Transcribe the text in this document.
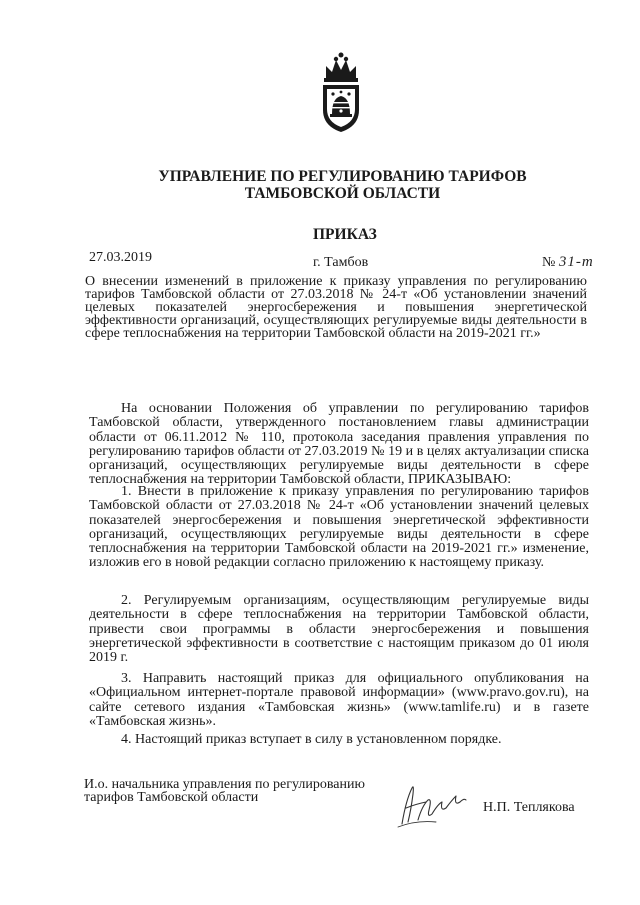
УПРАВЛЕНИЕ ПО РЕГУЛИРОВАНИЮ ТАРИФОВ
ТАМБОВСКОЙ ОБЛАСТИ
ПРИКАЗ
27.03.2019	г. Тамбов	№ 31-т
О внесении изменений в приложение к приказу управления по регулированию тарифов Тамбовской области от 27.03.2018 № 24-т «Об установлении значений целевых показателей энергосбережения и повышения энергетической эффективности организаций, осуществляющих регулируемые виды деятельности в сфере теплоснабжения на территории Тамбовской области на 2019-2021 гг.»
На основании Положения об управлении по регулированию тарифов Тамбовской области, утвержденного постановлением главы администрации области от 06.11.2012 № 110, протокола заседания правления управления по регулированию тарифов области от 27.03.2019 № 19 и в целях актуализации списка организаций, осуществляющих регулируемые виды деятельности в сфере теплоснабжения на территории Тамбовской области, ПРИКАЗЫВАЮ:
1. Внести в приложение к приказу управления по регулированию тарифов Тамбовской области от 27.03.2018 № 24-т «Об установлении значений целевых показателей энергосбережения и повышения энергетической эффективности организаций, осуществляющих регулируемые виды деятельности в сфере теплоснабжения на территории Тамбовской области на 2019-2021 гг.» изменение, изложив его в новой редакции согласно приложению к настоящему приказу.
2. Регулируемым организациям, осуществляющим регулируемые виды деятельности в сфере теплоснабжения на территории Тамбовской области, привести свои программы в области энергосбережения и повышения энергетической эффективности в соответствие с настоящим приказом до 01 июля 2019 г.
3. Направить настоящий приказ для официального опубликования на «Официальном интернет-портале правовой информации» (www.pravo.gov.ru), на сайте сетевого издания «Тамбовская жизнь» (www.tamlife.ru) и в газете «Тамбовская жизнь».
4. Настоящий приказ вступает в силу в установленном порядке.
И.о. начальника управления по регулированию
тарифов Тамбовской области
Н.П. Теплякова
